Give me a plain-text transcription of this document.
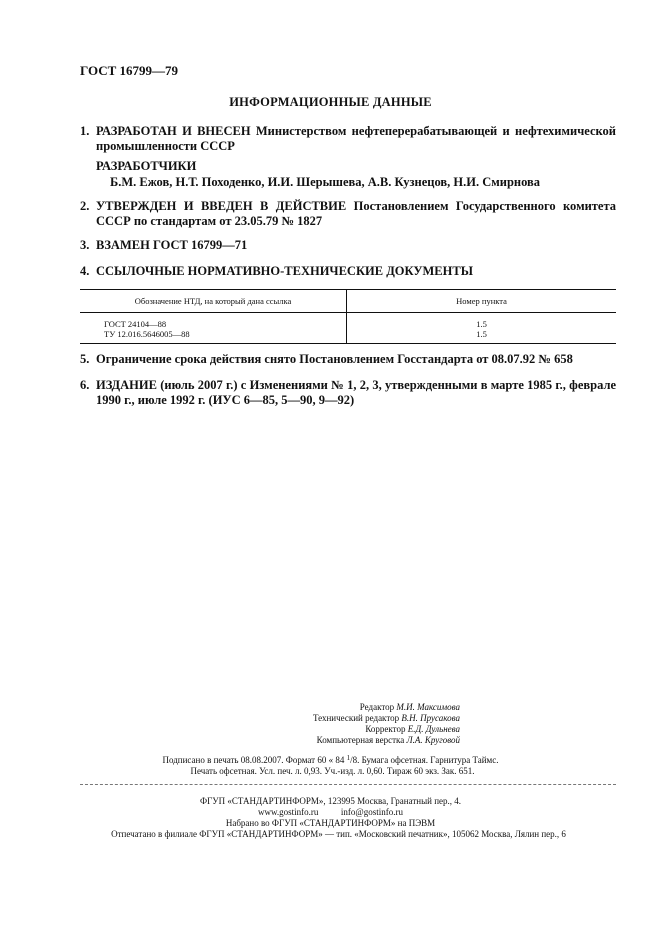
ГОСТ 16799—79
ИНФОРМАЦИОННЫЕ ДАННЫЕ
1. РАЗРАБОТАН И ВНЕСЕН Министерством нефтеперерабатывающей и нефтехимической промышленности СССР
РАЗРАБОТЧИКИ
Б.М. Ежов, Н.Т. Походенко, И.И. Шерышева, А.В. Кузнецов, Н.И. Смирнова
2. УТВЕРЖДЕН И ВВЕДЕН В ДЕЙСТВИЕ Постановлением Государственного комитета СССР по стандартам от 23.05.79 № 1827
3. ВЗАМЕН ГОСТ 16799—71
4. ССЫЛОЧНЫЕ НОРМАТИВНО-ТЕХНИЧЕСКИЕ ДОКУМЕНТЫ
Обозначение НТД, на который дана ссылка	Номер пункта
ГОСТ 24104—88	1.5
ТУ 12.016.5646005—88	1.5
5. Ограничение срока действия снято Постановлением Госстандарта от 08.07.92 № 658
6. ИЗДАНИЕ (июль 2007 г.) с Изменениями № 1, 2, 3, утвержденными в марте 1985 г., феврале 1990 г., июле 1992 г. (ИУС 6—85, 5—90, 9—92)
Редактор М.И. Максимова
Технический редактор В.Н. Прусакова
Корректор Е.Д. Дульнева
Компьютерная верстка Л.А. Круговой
Подписано в печать 08.08.2007. Формат 60 « 84 $^1$/8. Бумага офсетная. Гарнитура Таймс.
Печать офсетная. Усл. печ. л. 0,93. Уч.-изд. л. 0,60. Тираж 60 экз. Зак. 651.
ФГУП «СТАНДАРТИНФОРМ», 123995 Москва, Гранатный пер., 4.
www.gostinfo.ru          info@gostinfo.ru
Набрано во ФГУП «СТАНДАРТИНФОРМ» на ПЭВМ
Отпечатано в филиале ФГУП «СТАНДАРТИНФОРМ» — тип. «Московский печатник», 105062 Москва, Лялин пер., 6
